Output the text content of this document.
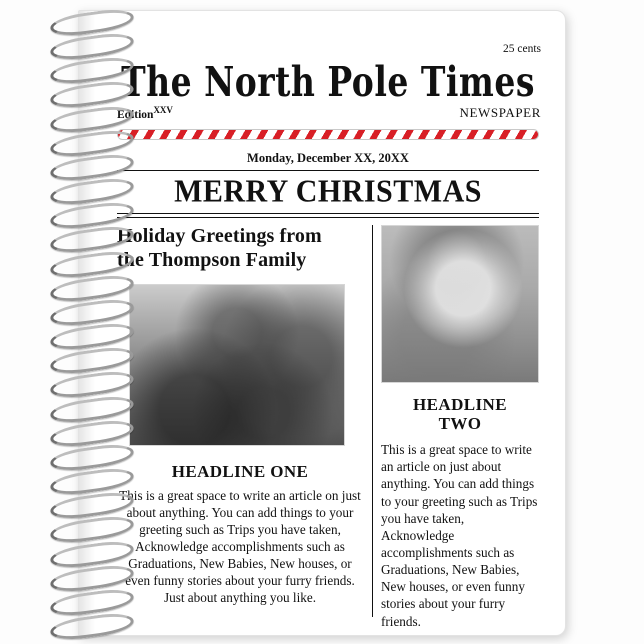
25 cents
The North Pole Times
Edition$^{XXV}$	NEWSPAPER
Monday, December XX, 20XX
MERRY CHRISTMAS
Holiday Greetings from
the Thompson Family
HEADLINE ONE
This is a great space to write an article on just about anything. You can add things to your greeting such as Trips you have taken, Acknowledge accomplishments such as Graduations, New Babies, New houses, or even funny stories about your furry friends. Just about anything you like.
HEADLINE
TWO
This is a great space to write an article on just about anything. You can add things to your greeting such as Trips you have taken, Acknowledge accomplishments such as Graduations, New Babies, New houses, or even funny stories about your furry friends.
